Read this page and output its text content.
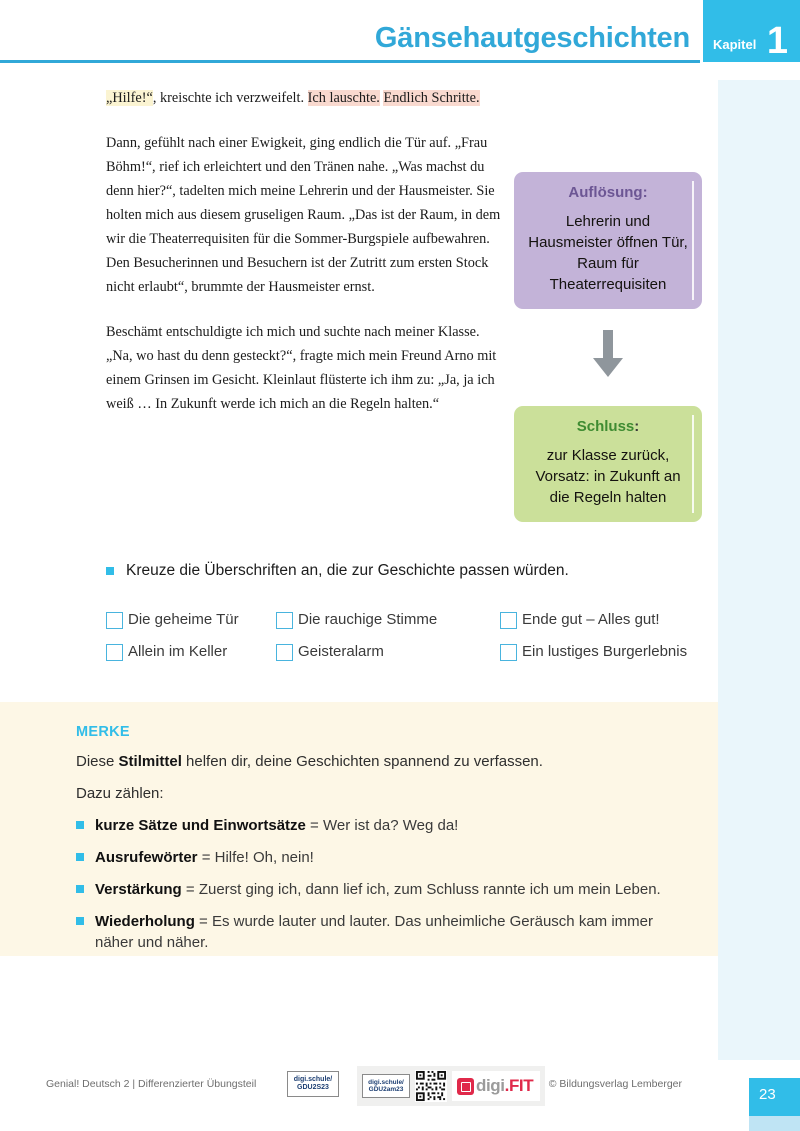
Gänsehautgeschichten Kapitel 1

„Hilfe!“, kreischte ich verzweifelt. Ich lauschte. Endlich Schritte.

Dann, gefühlt nach einer Ewigkeit, ging endlich die Tür auf. „Frau Böhm!“, rief ich erleichtert und den Tränen nahe. „Was machst du denn hier?“, tadelten mich meine Lehrerin und der Hausmeister. Sie holten mich aus diesem gruseligen Raum. „Das ist der Raum, in dem wir die Theaterrequisiten für die Sommer-Burgspiele aufbewahren. Den Besucherinnen und Besuchern ist der Zutritt zum ersten Stock nicht erlaubt“, brummte der Hausmeister ernst.

Beschämt entschuldigte ich mich und suchte nach meiner Klasse. „Na, wo hast du denn gesteckt?“, fragte mich mein Freund Arno mit einem Grinsen im Gesicht. Kleinlaut flüsterte ich ihm zu: „Ja, ja ich weiß … In Zukunft werde ich mich an die Regeln halten.“

Auflösung:
Lehrerin und Hausmeister öffnen Tür, Raum für Theaterrequisiten
Schluss:
zur Klasse zurück, Vorsatz: in Zukunft an die Regeln halten
Kreuze die Überschriften an, die zur Geschichte passen würden.
Die geheime Tür	Die rauchige Stimme	Ende gut – Alles gut!
Allein im Keller	Geisteralarm	Ein lustiges Burgerlebnis
MERKE
Diese Stilmittel helfen dir, deine Geschichten spannend zu verfassen.
Dazu zählen:
kurze Sätze und Einwortsätze = Wer ist da? Weg da!
Ausrufewörter = Hilfe! Oh, nein!
Verstärkung = Zuerst ging ich, dann lief ich, zum Schluss rannte ich um mein Leben.
Wiederholung = Es wurde lauter und lauter. Das unheimliche Geräusch kam immer näher und näher.
Genial! Deutsch 2 | Differenzierter Übungsteil	digi.schule/
GDU2S23
digi.schule/
GDU2am23	digi.FIT © Bildungsverlag Lemberger
23
